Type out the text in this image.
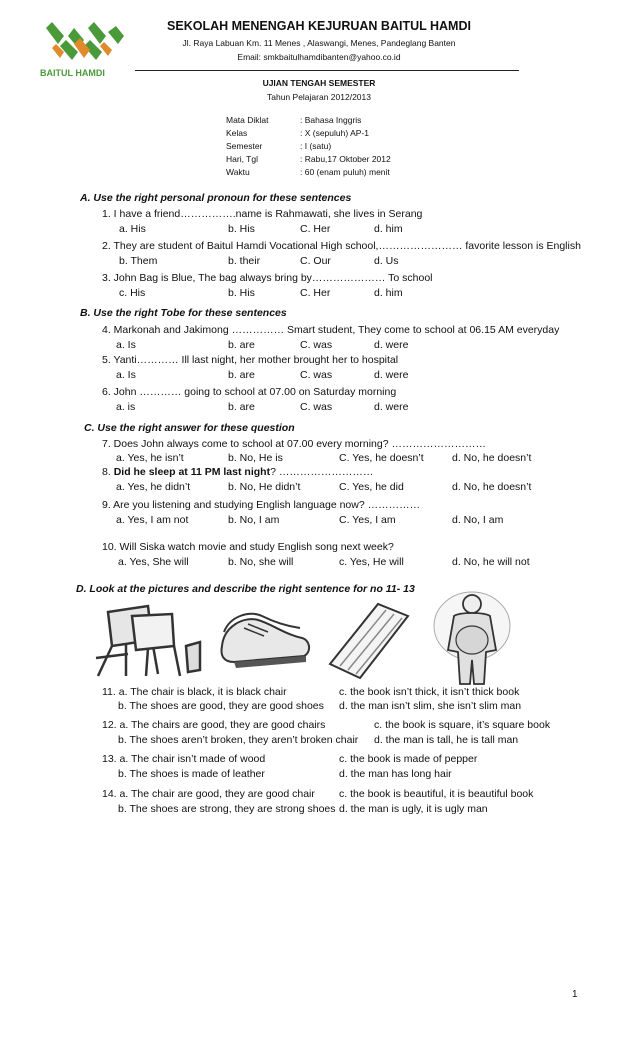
BAITUL HAMDI
SEKOLAH MENENGAH KEJURUAN BAITUL HAMDI
Jl. Raya Labuan Km. 11 Menes , Alaswangi, Menes, Pandeglang Banten
Email: smkbaitulhamdibanten@yahoo.co.id
UJIAN TENGAH SEMESTER
Tahun Pelajaran 2012/2013
Mata Diklat	: Bahasa Inggris
Kelas	: X (sepuluh) AP-1
Semester	: I (satu)
Hari, Tgl	: Rabu,17 Oktober 2012
Waktu	: 60 (enam puluh) menit
A. Use the right personal pronoun for these sentences
1. I have a friend…………….name is Rahmawati, she lives in Serang
a. His	b. His	C. Her	d. him
2. They are student of Baitul Hamdi Vocational High school,…………………… favorite lesson is English
b. Them	b. their	C. Our	d. Us
3. John Bag is Blue, The bag always bring by………………… To school
c. His	b. His	C. Her	d. him
B. Use the right Tobe for these sentences
4. Markonah and Jakimong …………… Smart student, They come to school at 06.15 AM everyday
a. Is	b. are	C. was	d. were
5. Yanti………… Ill last night, her mother brought her to hospital
a. Is	b. are	C. was	d. were
6. John ………… going to school at 07.00 on Saturday morning
a. is	b. are	C. was	d. were
C. Use the right answer for these question
7. Does John always come to school at 07.00 every morning? ………………………
a. Yes, he isn’t	b. No, He is	C. Yes, he doesn’t	d. No, he doesn’t
8. Did he sleep at 11 PM last night? ………………………
a. Yes, he didn’t	b. No, He didn’t	C. Yes, he did	d. No, he doesn’t
9. Are you listening and studying English language now? ……………
a. Yes, I am not	b. No, I am	C. Yes, I am	d. No, I am
10. Will Siska watch movie and study English song next week?
a. Yes, She will	b. No, she will	c. Yes, He will	d. No, he will not
D. Look at the pictures and describe the right sentence for no 11- 13
11. a. The chair is black, it is black chair	c. the book isn’t thick, it isn’t thick book
b. The shoes are good, they are good shoes d. the man isn’t slim, she isn’t slim man
12. a. The chairs are good, they are good chairs	c. the book is square, it’s square book
b. The shoes aren’t broken, they aren’t broken chair d. the man is tall, he is tall man
13. a. The chair isn’t made of wood	c. the book is made of pepper
b. The shoes is made of leather	d. the man has long hair
14. a. The chair are good, they are good chair c. the book is beautiful, it is beautiful book
b. The shoes are strong, they are strong shoes d. the man is ugly, it is ugly man
1
